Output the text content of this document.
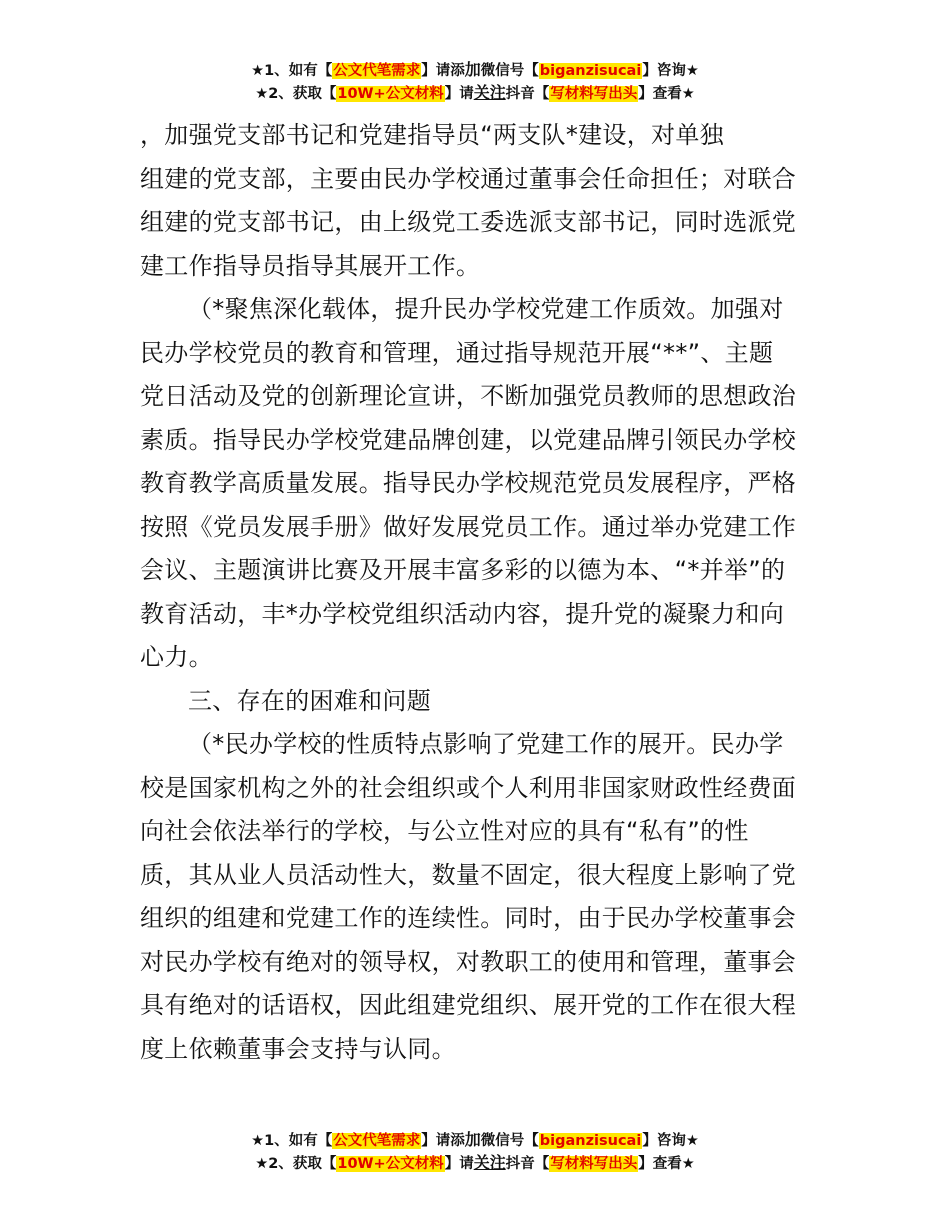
★1、如有【公文代笔需求】请添加微信号【biganzisucai】咨询★
★2、获取【10W+公文材料】请关注抖音【写材料写出头】查看★
，加强党支部书记和党建指导员“两支队*建设，对单独
组建的党支部，主要由民办学校通过董事会任命担任；对联合
组建的党支部书记，由上级党工委选派支部书记，同时选派党
建工作指导员指导其展开工作。
（*聚焦深化载体，提升民办学校党建工作质效。加强对
民办学校党员的教育和管理，通过指导规范开展“**”、主题
党日活动及党的创新理论宣讲，不断加强党员教师的思想政治
素质。指导民办学校党建品牌创建，以党建品牌引领民办学校
教育教学高质量发展。指导民办学校规范党员发展程序，严格
按照《党员发展手册》做好发展党员工作。通过举办党建工作
会议、主题演讲比赛及开展丰富多彩的以德为本、“*并举”的
教育活动，丰*办学校党组织活动内容，提升党的凝聚力和向
心力。
三、存在的困难和问题
（*民办学校的性质特点影响了党建工作的展开。民办学
校是国家机构之外的社会组织或个人利用非国家财政性经费面
向社会依法举行的学校，与公立性对应的具有“私有”的性
质，其从业人员活动性大，数量不固定，很大程度上影响了党
组织的组建和党建工作的连续性。同时，由于民办学校董事会
对民办学校有绝对的领导权，对教职工的使用和管理，董事会
具有绝对的话语权，因此组建党组织、展开党的工作在很大程
度上依赖董事会支持与认同。
★1、如有【公文代笔需求】请添加微信号【biganzisucai】咨询★
★2、获取【10W+公文材料】请关注抖音【写材料写出头】查看★
